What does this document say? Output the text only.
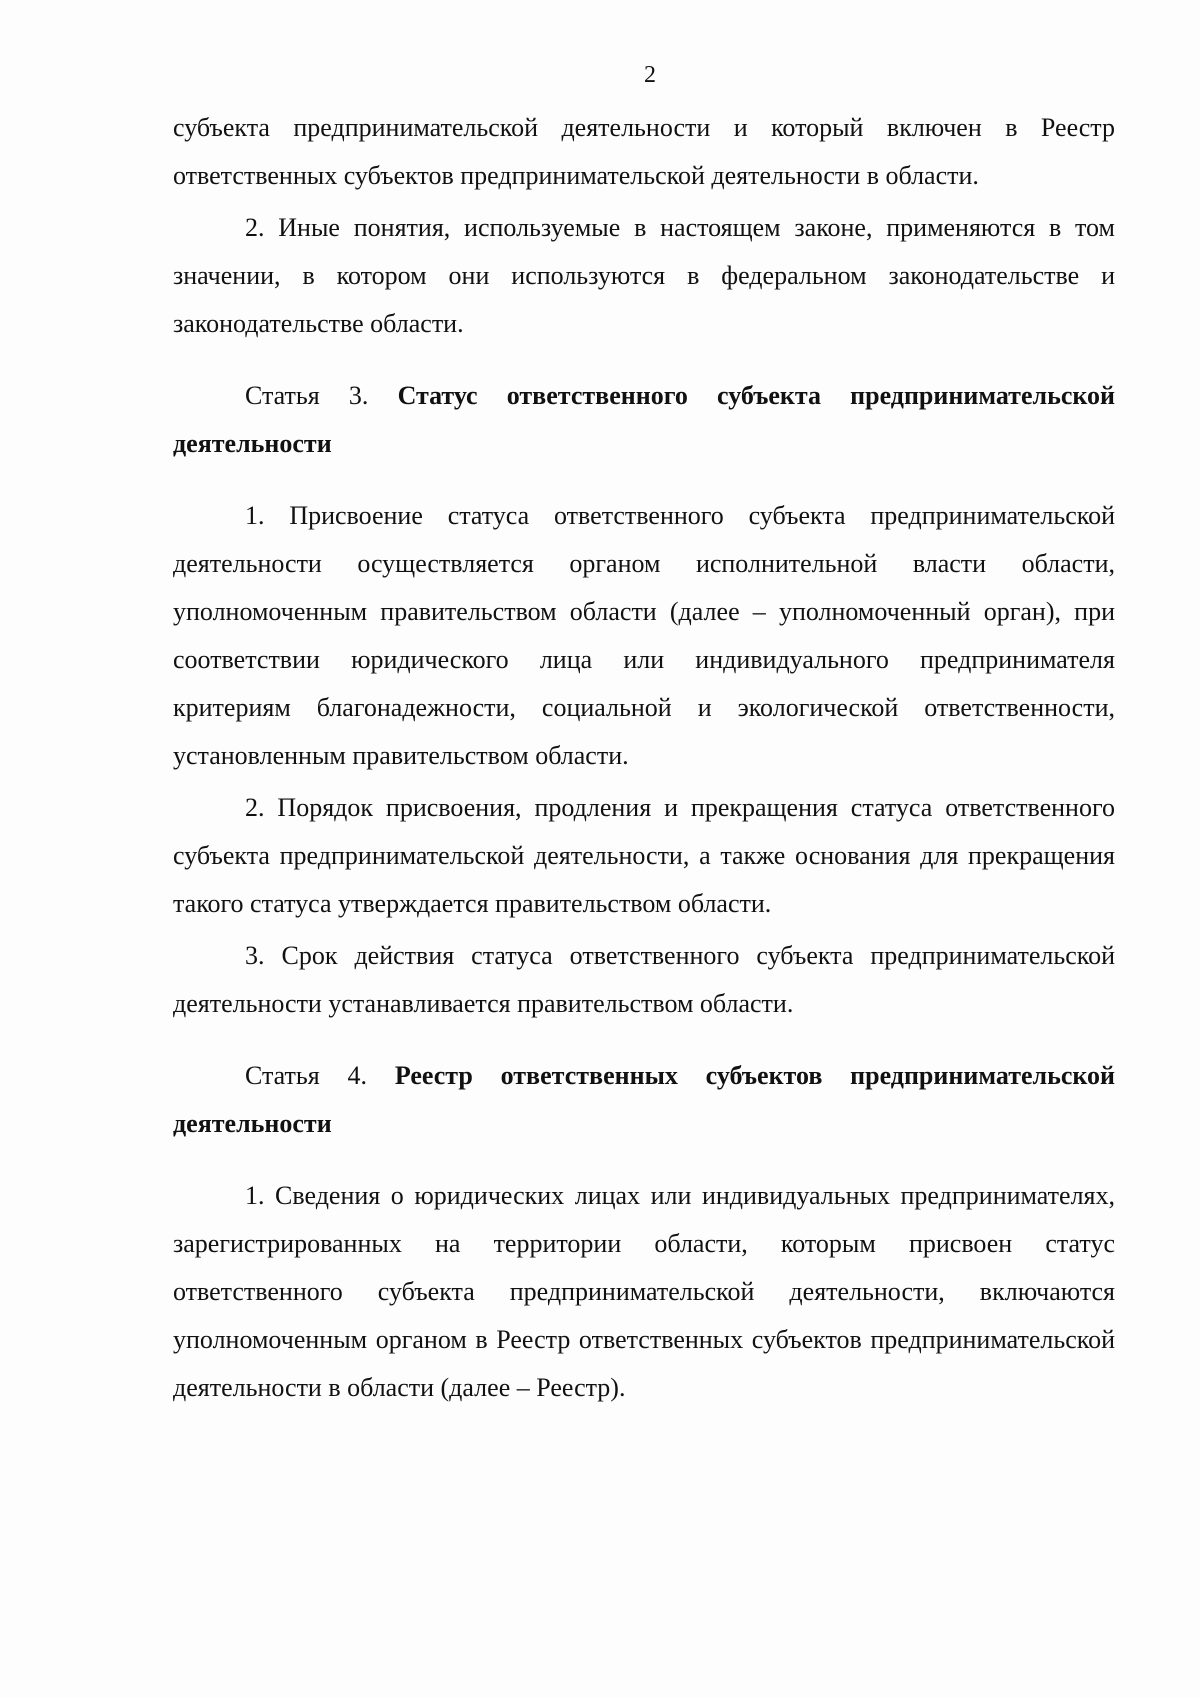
2

субъекта предпринимательской деятельности и который включен в Реестр ответственных субъектов предпринимательской деятельности в области.

2. Иные понятия, используемые в настоящем законе, применяются в том значении, в котором они используются в федеральном законодательстве и законодательстве области.

Статья 3. Статус ответственного субъекта предпринимательской деятельности

1. Присвоение статуса ответственного субъекта предпринимательской деятельности осуществляется органом исполнительной власти области, уполномоченным правительством области (далее – уполномоченный орган), при соответствии юридического лица или индивидуального предпринимателя критериям благонадежности, социальной и экологической ответственности, установленным правительством области.

2. Порядок присвоения, продления и прекращения статуса ответственного субъекта предпринимательской деятельности, а также основания для прекращения такого статуса утверждается правительством области.

3. Срок действия статуса ответственного субъекта предпринимательской деятельности устанавливается правительством области.

Статья 4. Реестр ответственных субъектов предпринимательской деятельности

1. Сведения о юридических лицах или индивидуальных предпринимателях, зарегистрированных на территории области, которым присвоен статус ответственного субъекта предпринимательской деятельности, включаются уполномоченным органом в Реестр ответственных субъектов предпринимательской деятельности в области (далее – Реестр).
